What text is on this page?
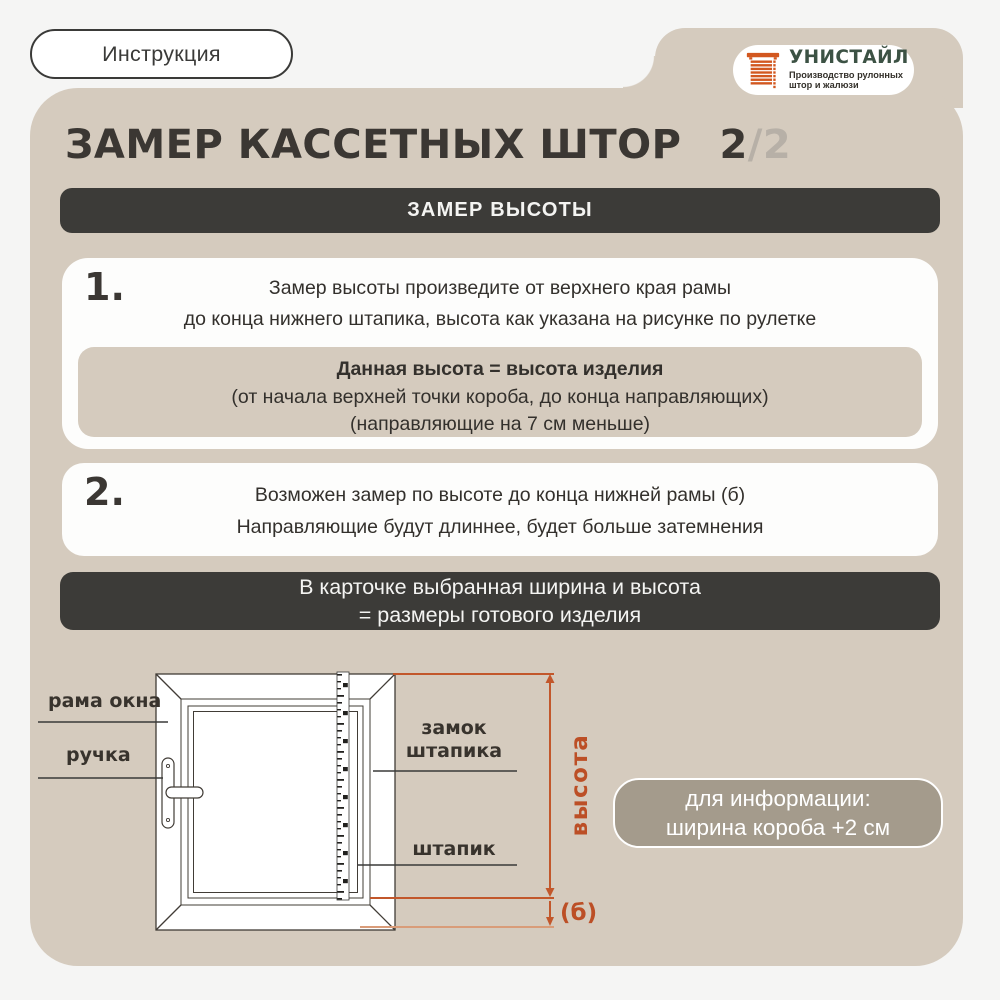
Инструкция	УНИСТАЙЛ
Производство рулонных
штор и жалюзи
ЗАМЕР КАССЕТНЫХ ШТОР 2 /2
ЗАМЕР ВЫСОТЫ
1.	Замер высоты произведите от верхнего края рамы
до конца нижнего штапика, высота как указана на рисунке по рулетке
Данная высота = высота изделия
(от начала верхней точки короба, до конца направляющих)
(направляющие на 7 см меньше)
2.	Возможен замер по высоте до конца нижней рамы (б)
Направляющие будут длиннее, будет больше затемнения
В карточке выбранная ширина и высота
= размеры готового изделия
рама окна
ручка
замок штапика
штапик
высота
(б)
для информации:
ширина короба +2 см
